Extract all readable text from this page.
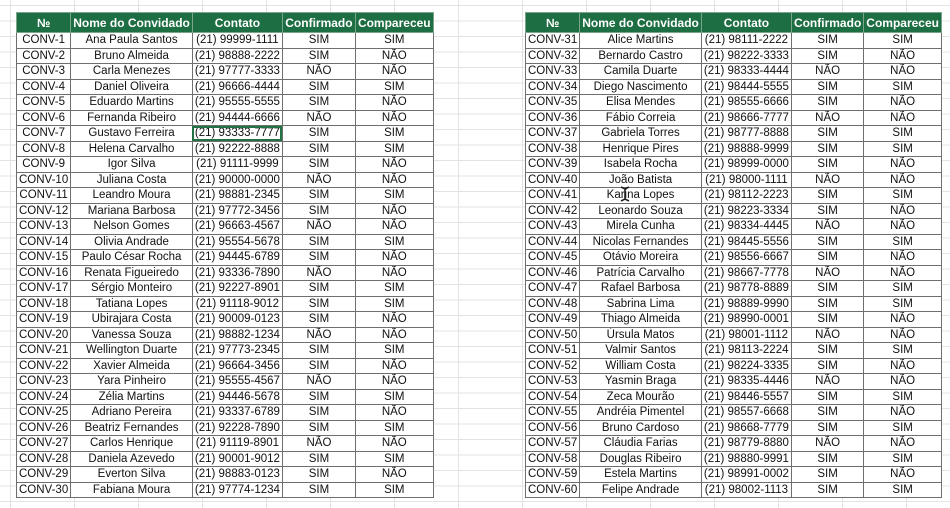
№	Nome do Convidado	Contato	Confirmado	Compareceu
CONV-1	Ana Paula Santos	(21) 99999-1111	SIM	SIM
CONV-2	Bruno Almeida	(21) 98888-2222	SIM	NÃO
CONV-3	Carla Menezes	(21) 97777-3333	NÃO	NÃO
CONV-4	Daniel Oliveira	(21) 96666-4444	SIM	SIM
CONV-5	Eduardo Martins	(21) 95555-5555	SIM	NÃO
CONV-6	Fernanda Ribeiro	(21) 94444-6666	NÃO	NÃO
CONV-7	Gustavo Ferreira	(21) 93333-7777	SIM	SIM
CONV-8	Helena Carvalho	(21) 92222-8888	SIM	SIM
CONV-9	Igor Silva	(21) 91111-9999	SIM	NÃO
CONV-10	Juliana Costa	(21) 90000-0000	NÃO	NÃO
CONV-11	Leandro Moura	(21) 98881-2345	SIM	SIM
CONV-12	Mariana Barbosa	(21) 97772-3456	SIM	NÃO
CONV-13	Nelson Gomes	(21) 96663-4567	NÃO	NÃO
CONV-14	Olivia Andrade	(21) 95554-5678	SIM	SIM
CONV-15	Paulo César Rocha	(21) 94445-6789	SIM	NÃO
CONV-16	Renata Figueiredo	(21) 93336-7890	NÃO	NÃO
CONV-17	Sérgio Monteiro	(21) 92227-8901	SIM	SIM
CONV-18	Tatiana Lopes	(21) 91118-9012	SIM	SIM
CONV-19	Ubirajara Costa	(21) 90009-0123	SIM	NÃO
CONV-20	Vanessa Souza	(21) 98882-1234	NÃO	NÃO
CONV-21	Wellington Duarte	(21) 97773-2345	SIM	SIM
CONV-22	Xavier Almeida	(21) 96664-3456	SIM	NÃO
CONV-23	Yara Pinheiro	(21) 95555-4567	NÃO	NÃO
CONV-24	Zélia Martins	(21) 94446-5678	SIM	SIM
CONV-25	Adriano Pereira	(21) 93337-6789	SIM	NÃO
CONV-26	Beatriz Fernandes	(21) 92228-7890	SIM	SIM
CONV-27	Carlos Henrique	(21) 91119-8901	NÃO	NÃO
CONV-28	Daniela Azevedo	(21) 90001-9012	SIM	SIM
CONV-29	Everton Silva	(21) 98883-0123	SIM	NÃO
CONV-30	Fabiana Moura	(21) 97774-1234	SIM	SIM
№	Nome do Convidado	Contato	Confirmado	Compareceu
CONV-31	Alice Martins	(21) 98111-2222	SIM	SIM
CONV-32	Bernardo Castro	(21) 98222-3333	SIM	NÃO
CONV-33	Camila Duarte	(21) 98333-4444	NÃO	NÃO
CONV-34	Diego Nascimento	(21) 98444-5555	SIM	SIM
CONV-35	Elisa Mendes	(21) 98555-6666	SIM	NÃO
CONV-36	Fábio Correia	(21) 98666-7777	NÃO	NÃO
CONV-37	Gabriela Torres	(21) 98777-8888	SIM	SIM
CONV-38	Henrique Pires	(21) 98888-9999	SIM	SIM
CONV-39	Isabela Rocha	(21) 98999-0000	SIM	NÃO
CONV-40	João Batista	(21) 98000-1111	NÃO	NÃO
CONV-41	Karina Lopes	(21) 98112-2223	SIM	SIM
CONV-42	Leonardo Souza	(21) 98223-3334	SIM	NÃO
CONV-43	Mirela Cunha	(21) 98334-4445	NÃO	NÃO
CONV-44	Nicolas Fernandes	(21) 98445-5556	SIM	SIM
CONV-45	Otávio Moreira	(21) 98556-6667	SIM	NÃO
CONV-46	Patrícia Carvalho	(21) 98667-7778	NÃO	NÃO
CONV-47	Rafael Barbosa	(21) 98778-8889	SIM	SIM
CONV-48	Sabrina Lima	(21) 98889-9990	SIM	SIM
CONV-49	Thiago Almeida	(21) 98990-0001	SIM	NÃO
CONV-50	Úrsula Matos	(21) 98001-1112	NÃO	NÃO
CONV-51	Valmir Santos	(21) 98113-2224	SIM	SIM
CONV-52	William Costa	(21) 98224-3335	SIM	NÃO
CONV-53	Yasmin Braga	(21) 98335-4446	NÃO	NÃO
CONV-54	Zeca Mourão	(21) 98446-5557	SIM	SIM
CONV-55	Andréia Pimentel	(21) 98557-6668	SIM	NÃO
CONV-56	Bruno Cardoso	(21) 98668-7779	SIM	SIM
CONV-57	Cláudia Farias	(21) 98779-8880	NÃO	NÃO
CONV-58	Douglas Ribeiro	(21) 98880-9991	SIM	SIM
CONV-59	Estela Martins	(21) 98991-0002	SIM	NÃO
CONV-60	Felipe Andrade	(21) 98002-1113	SIM	SIM
